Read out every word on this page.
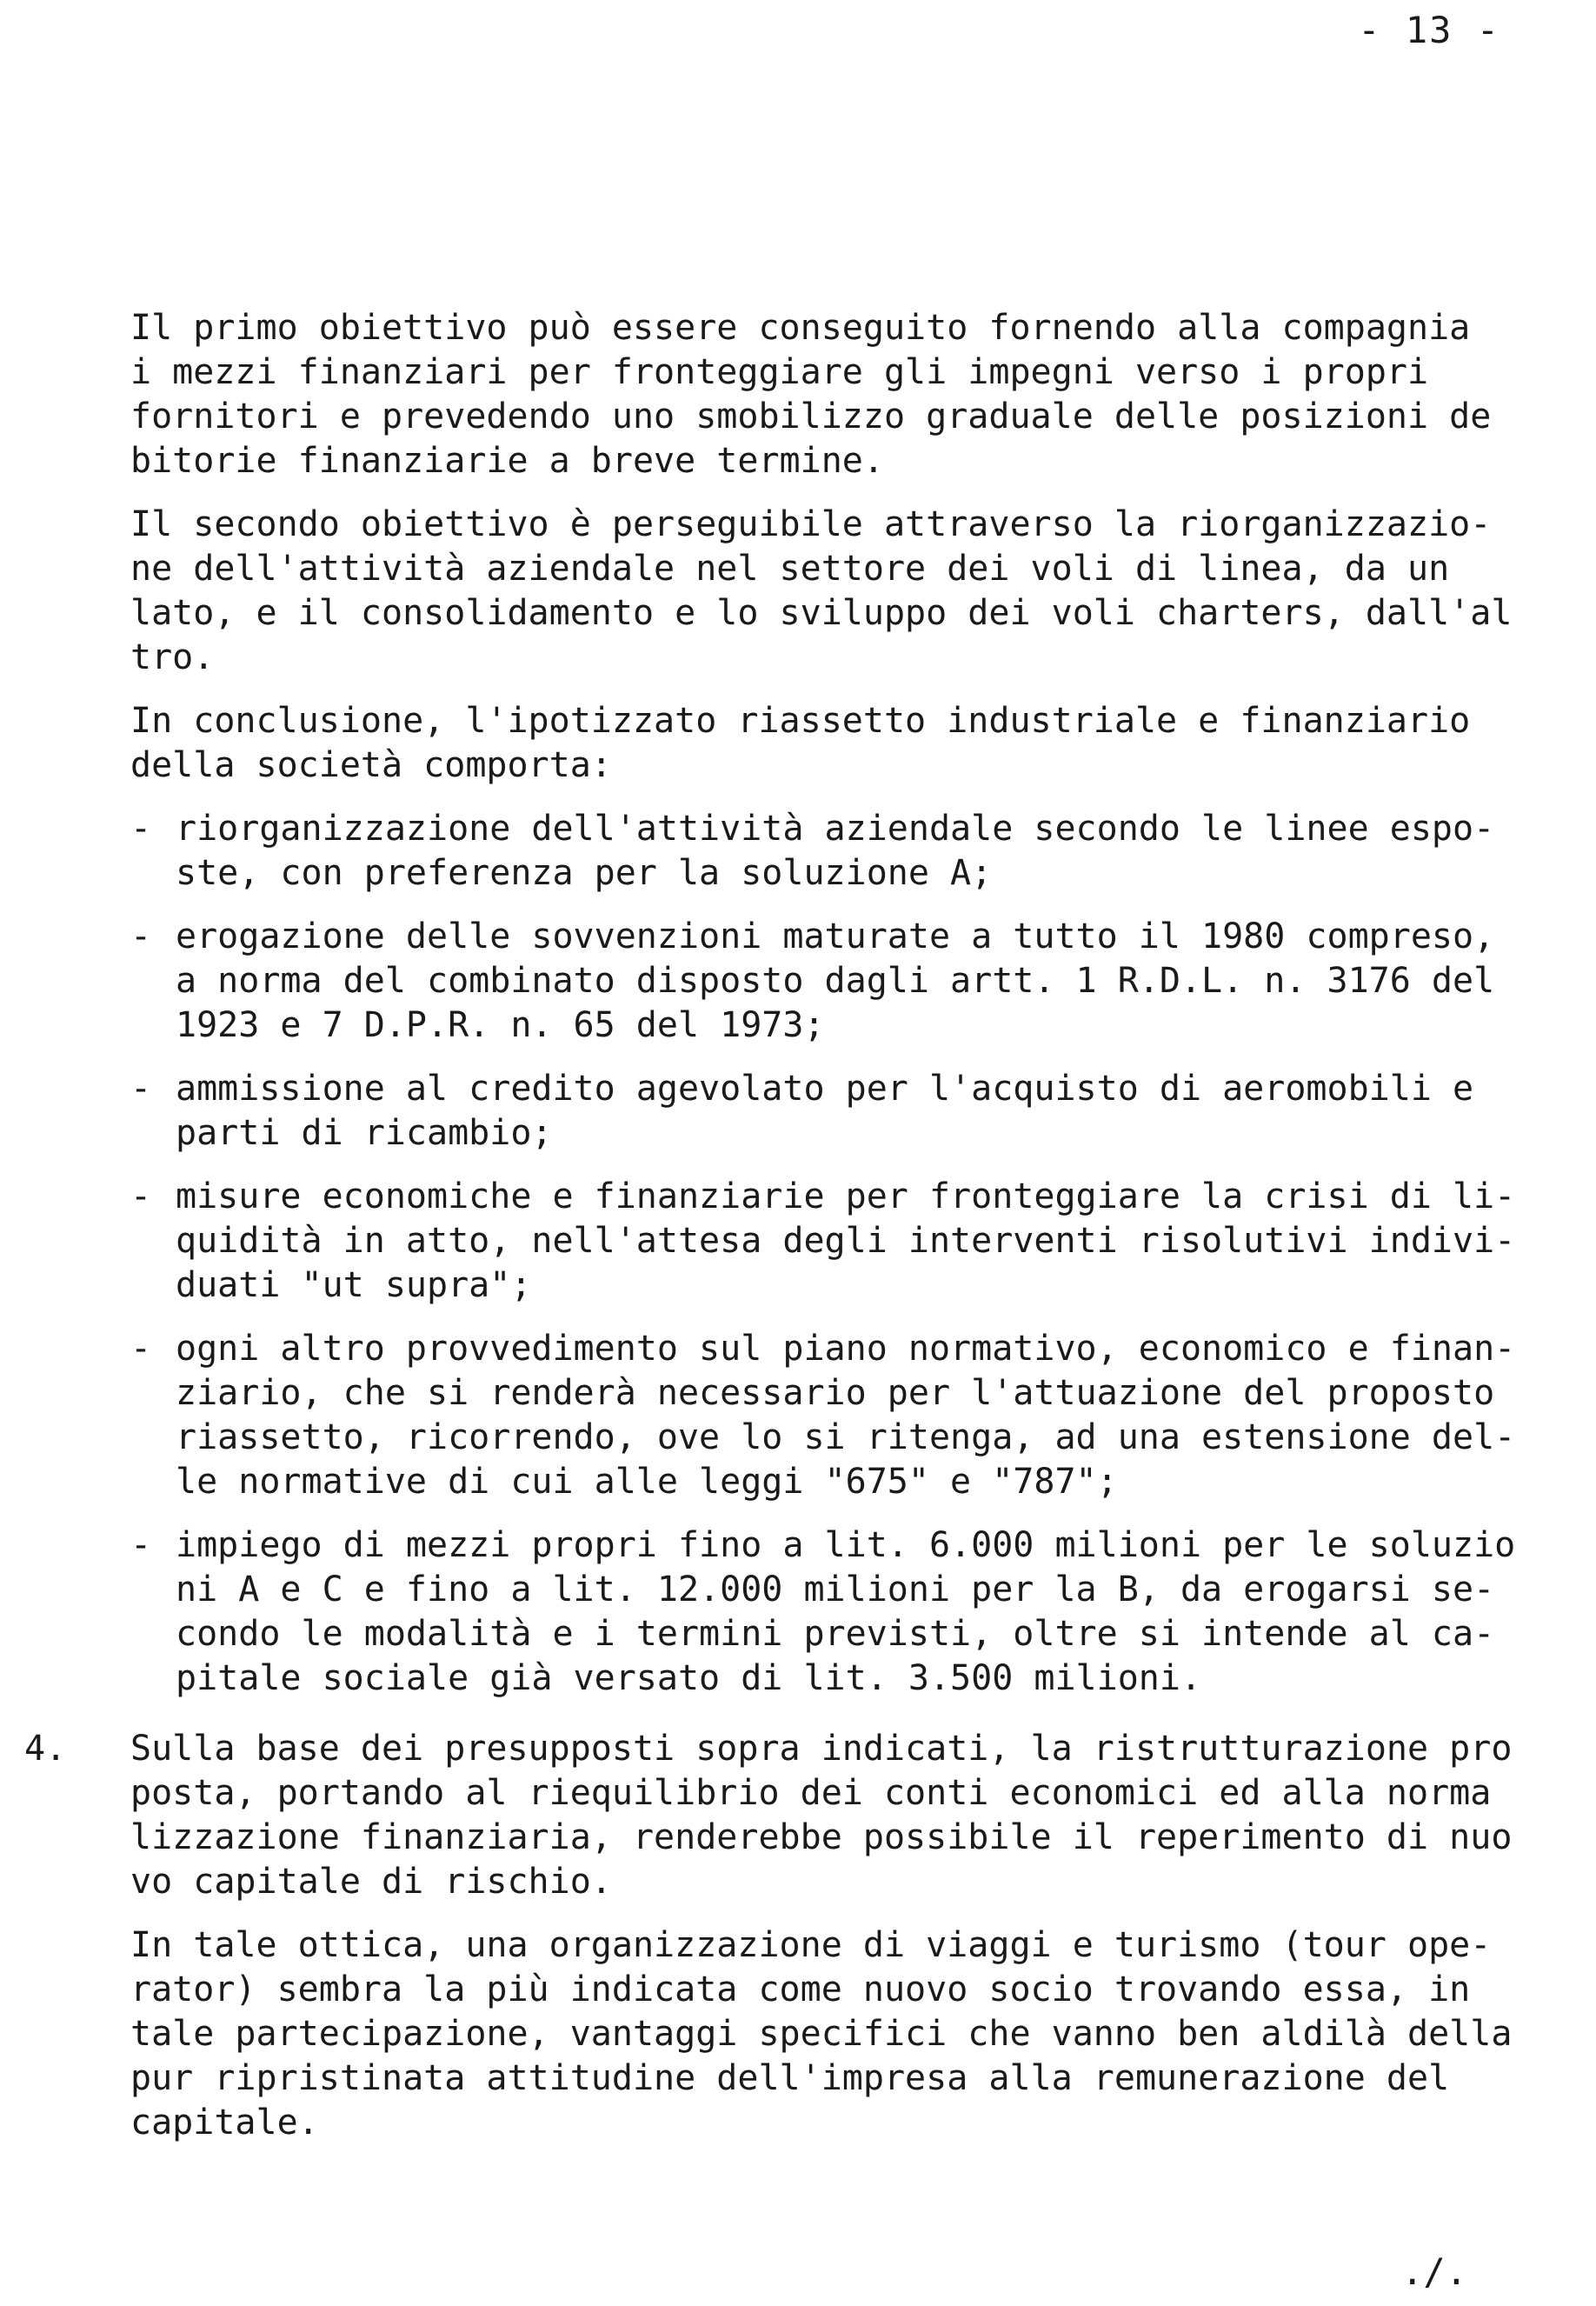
- 13 -

Il primo obiettivo può essere conseguito fornendo alla compagnia
i mezzi finanziari per fronteggiare gli impegni verso i propri
fornitori e prevedendo uno smobilizzo graduale delle posizioni de
bitorie finanziarie a breve termine.

Il secondo obiettivo è perseguibile attraverso la riorganizzazio-
ne dell'attività aziendale nel settore dei voli di linea, da un
lato, e il consolidamento e lo sviluppo dei voli charters, dall'al
tro.

In conclusione, l'ipotizzato riassetto industriale e finanziario
della società comporta:

- riorganizzazione dell'attività aziendale secondo le linee espo-
ste, con preferenza per la soluzione A;
- erogazione delle sovvenzioni maturate a tutto il 1980 compreso,
a norma del combinato disposto dagli artt. 1 R.D.L. n. 3176 del
1923 e 7 D.P.R. n. 65 del 1973;
- ammissione al credito agevolato per l'acquisto di aeromobili e
parti di ricambio;
- misure economiche e finanziarie per fronteggiare la crisi di li-
quidità in atto, nell'attesa degli interventi risolutivi indivi-
duati "ut supra";
- ogni altro provvedimento sul piano normativo, economico e finan-
ziario, che si renderà necessario per l'attuazione del proposto
riassetto, ricorrendo, ove lo si ritenga, ad una estensione del-
le normative di cui alle leggi "675" e "787";
- impiego di mezzi propri fino a lit. 6.000 milioni per le soluzio
ni A e C e fino a lit. 12.000 milioni per la B, da erogarsi se-
condo le modalità e i termini previsti, oltre si intende al ca-
pitale sociale già versato di lit. 3.500 milioni.
4.	Sulla base dei presupposti sopra indicati, la ristrutturazione pro
posta, portando al riequilibrio dei conti economici ed alla norma
lizzazione finanziaria, renderebbe possibile il reperimento di nuo
vo capitale di rischio.

In tale ottica, una organizzazione di viaggi e turismo (tour ope-
rator) sembra la più indicata come nuovo socio trovando essa, in
tale partecipazione, vantaggi specifici che vanno ben aldilà della
pur ripristinata attitudine dell'impresa alla remunerazione del
capitale.

./.
